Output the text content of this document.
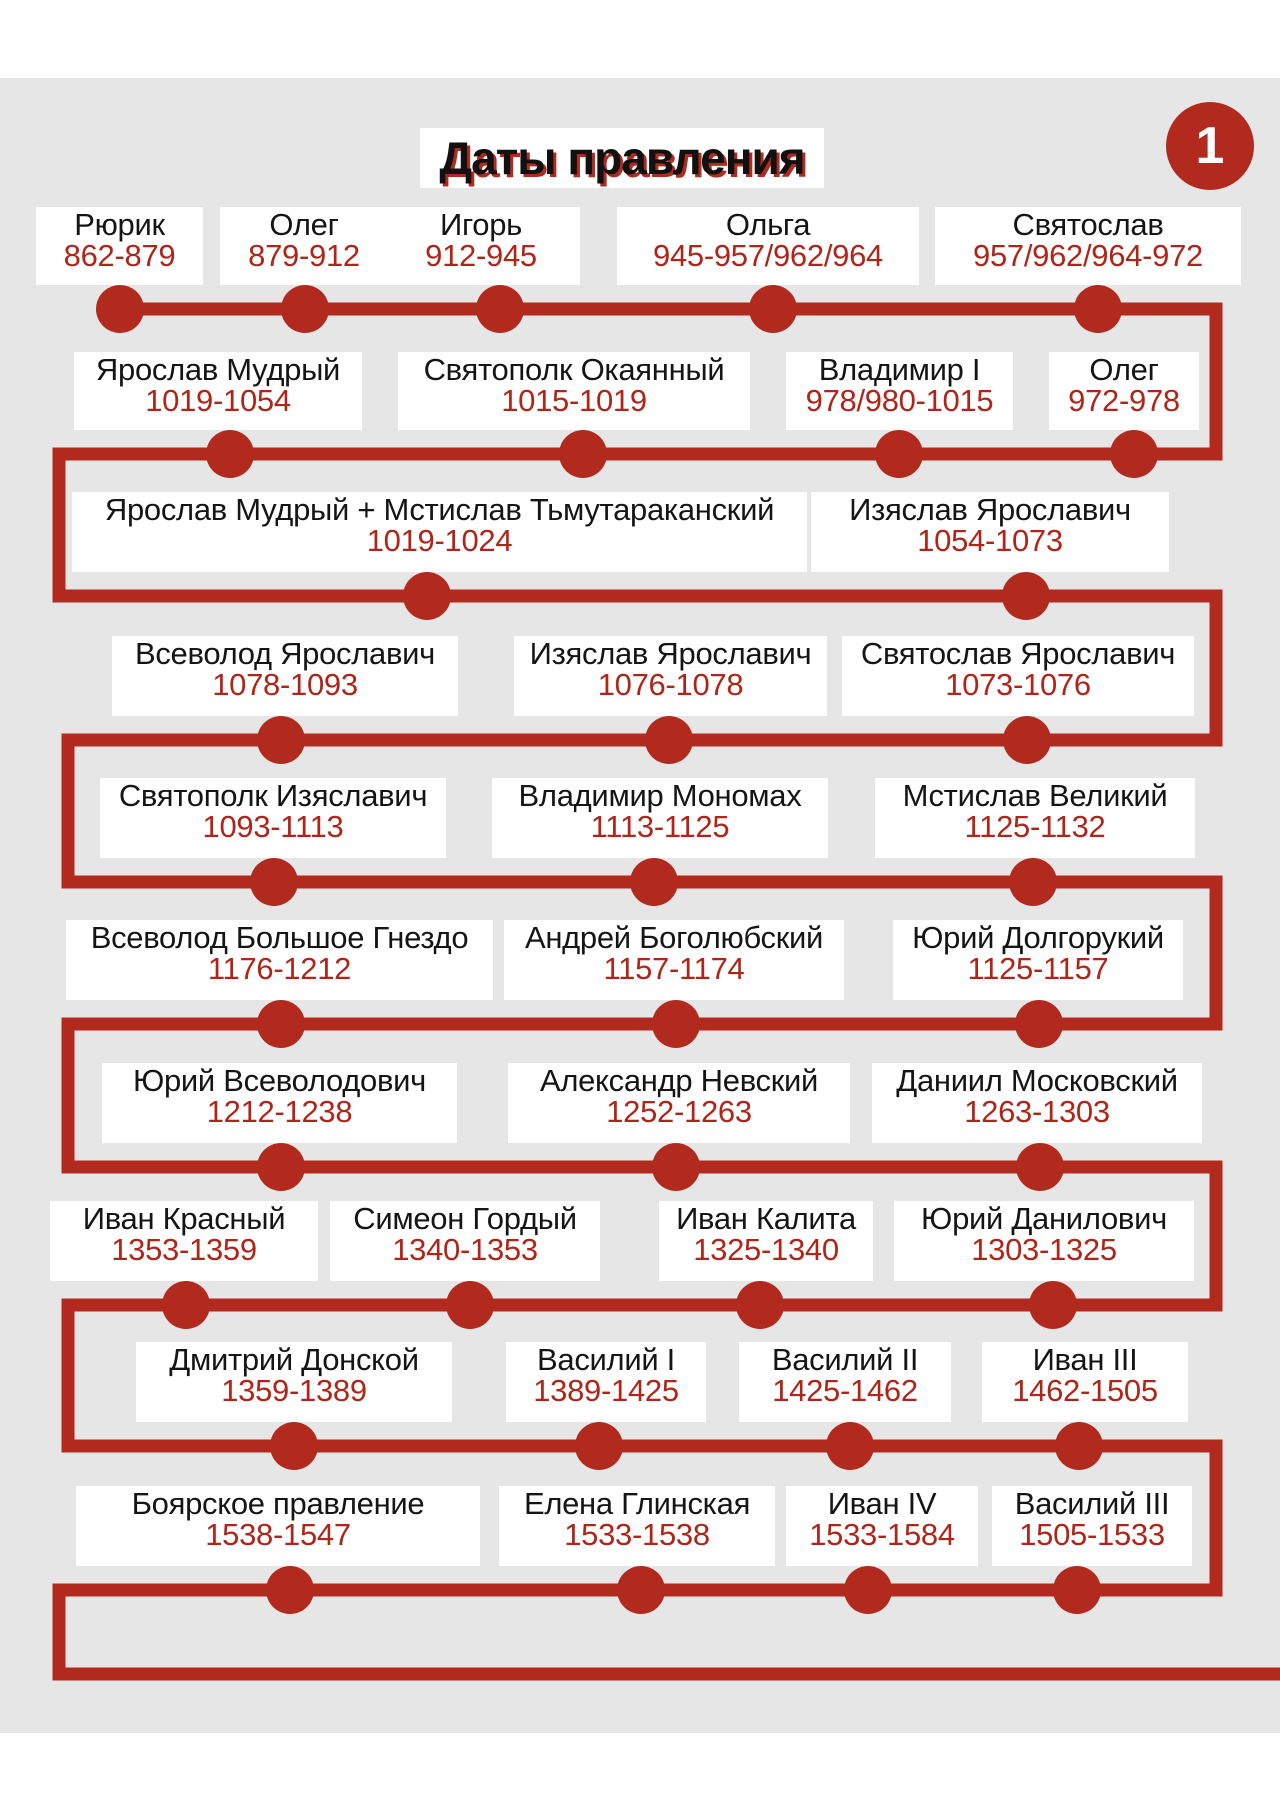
Даты правления	1
Рюрик
862-879
Олег
879-912
Игорь
912-945
Ольга
945-957/962/964
Святослав
957/962/964-972
Ярослав Мудрый
1019-1054
Святополк Окаянный
1015-1019
Владимир I
978/980-1015
Олег
972-978
Ярослав Мудрый + Мстислав Тьмутараканский
1019-1024
Изяслав Ярославич
1054-1073
Всеволод Ярославич
1078-1093
Изяслав Ярославич
1076-1078
Святослав Ярославич
1073-1076
Святополк Изяславич
1093-1113
Владимир Мономах
1113-1125
Мстислав Великий
1125-1132
Всеволод Большое Гнездо
1176-1212
Андрей Боголюбский
1157-1174
Юрий Долгорукий
1125-1157
Юрий Всеволодович
1212-1238
Александр Невский
1252-1263
Даниил Московский
1263-1303
Иван Красный
1353-1359
Симеон Гордый
1340-1353
Иван Калита
1325-1340
Юрий Данилович
1303-1325
Дмитрий Донской
1359-1389
Василий I
1389-1425
Василий II
1425-1462
Иван III
1462-1505
Боярское правление
1538-1547
Елена Глинская
1533-1538
Иван IV
1533-1584
Василий III
1505-1533
